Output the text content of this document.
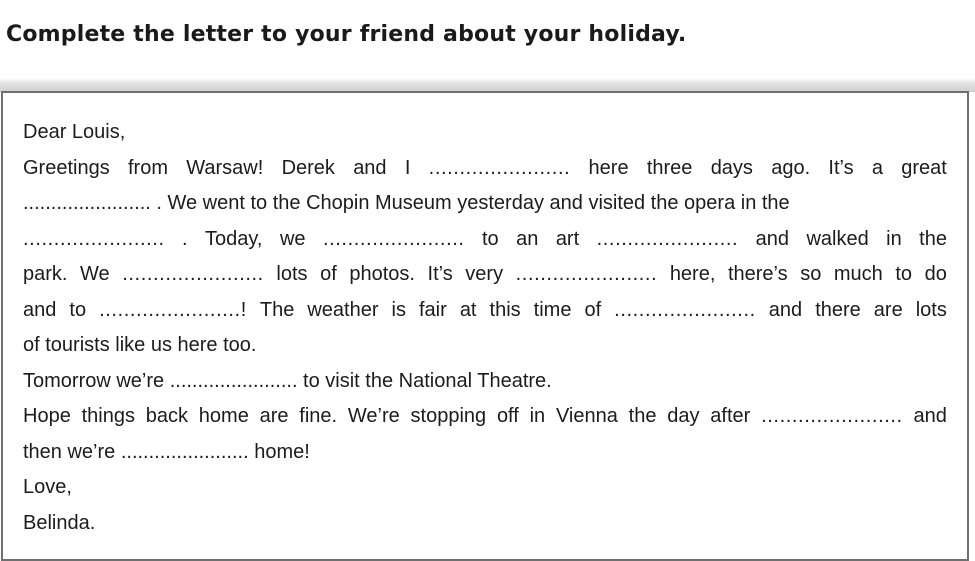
Complete the letter to your friend about your holiday.
Dear Louis,
Greetings from Warsaw! Derek and I ....................... here three days ago. It’s a great
....................... . We went to the Chopin Museum yesterday and visited the opera in the
....................... . Today, we ....................... to an art ....................... and walked in the
park. We ....................... lots of photos. It’s very ....................... here, there’s so much to do
and to .......................! The weather is fair at this time of ....................... and there are lots
of tourists like us here too.
Tomorrow we’re ....................... to visit the National Theatre.
Hope things back home are fine. We’re stopping off in Vienna the day after ....................... and
then we’re ....................... home!
Love,
Belinda.
